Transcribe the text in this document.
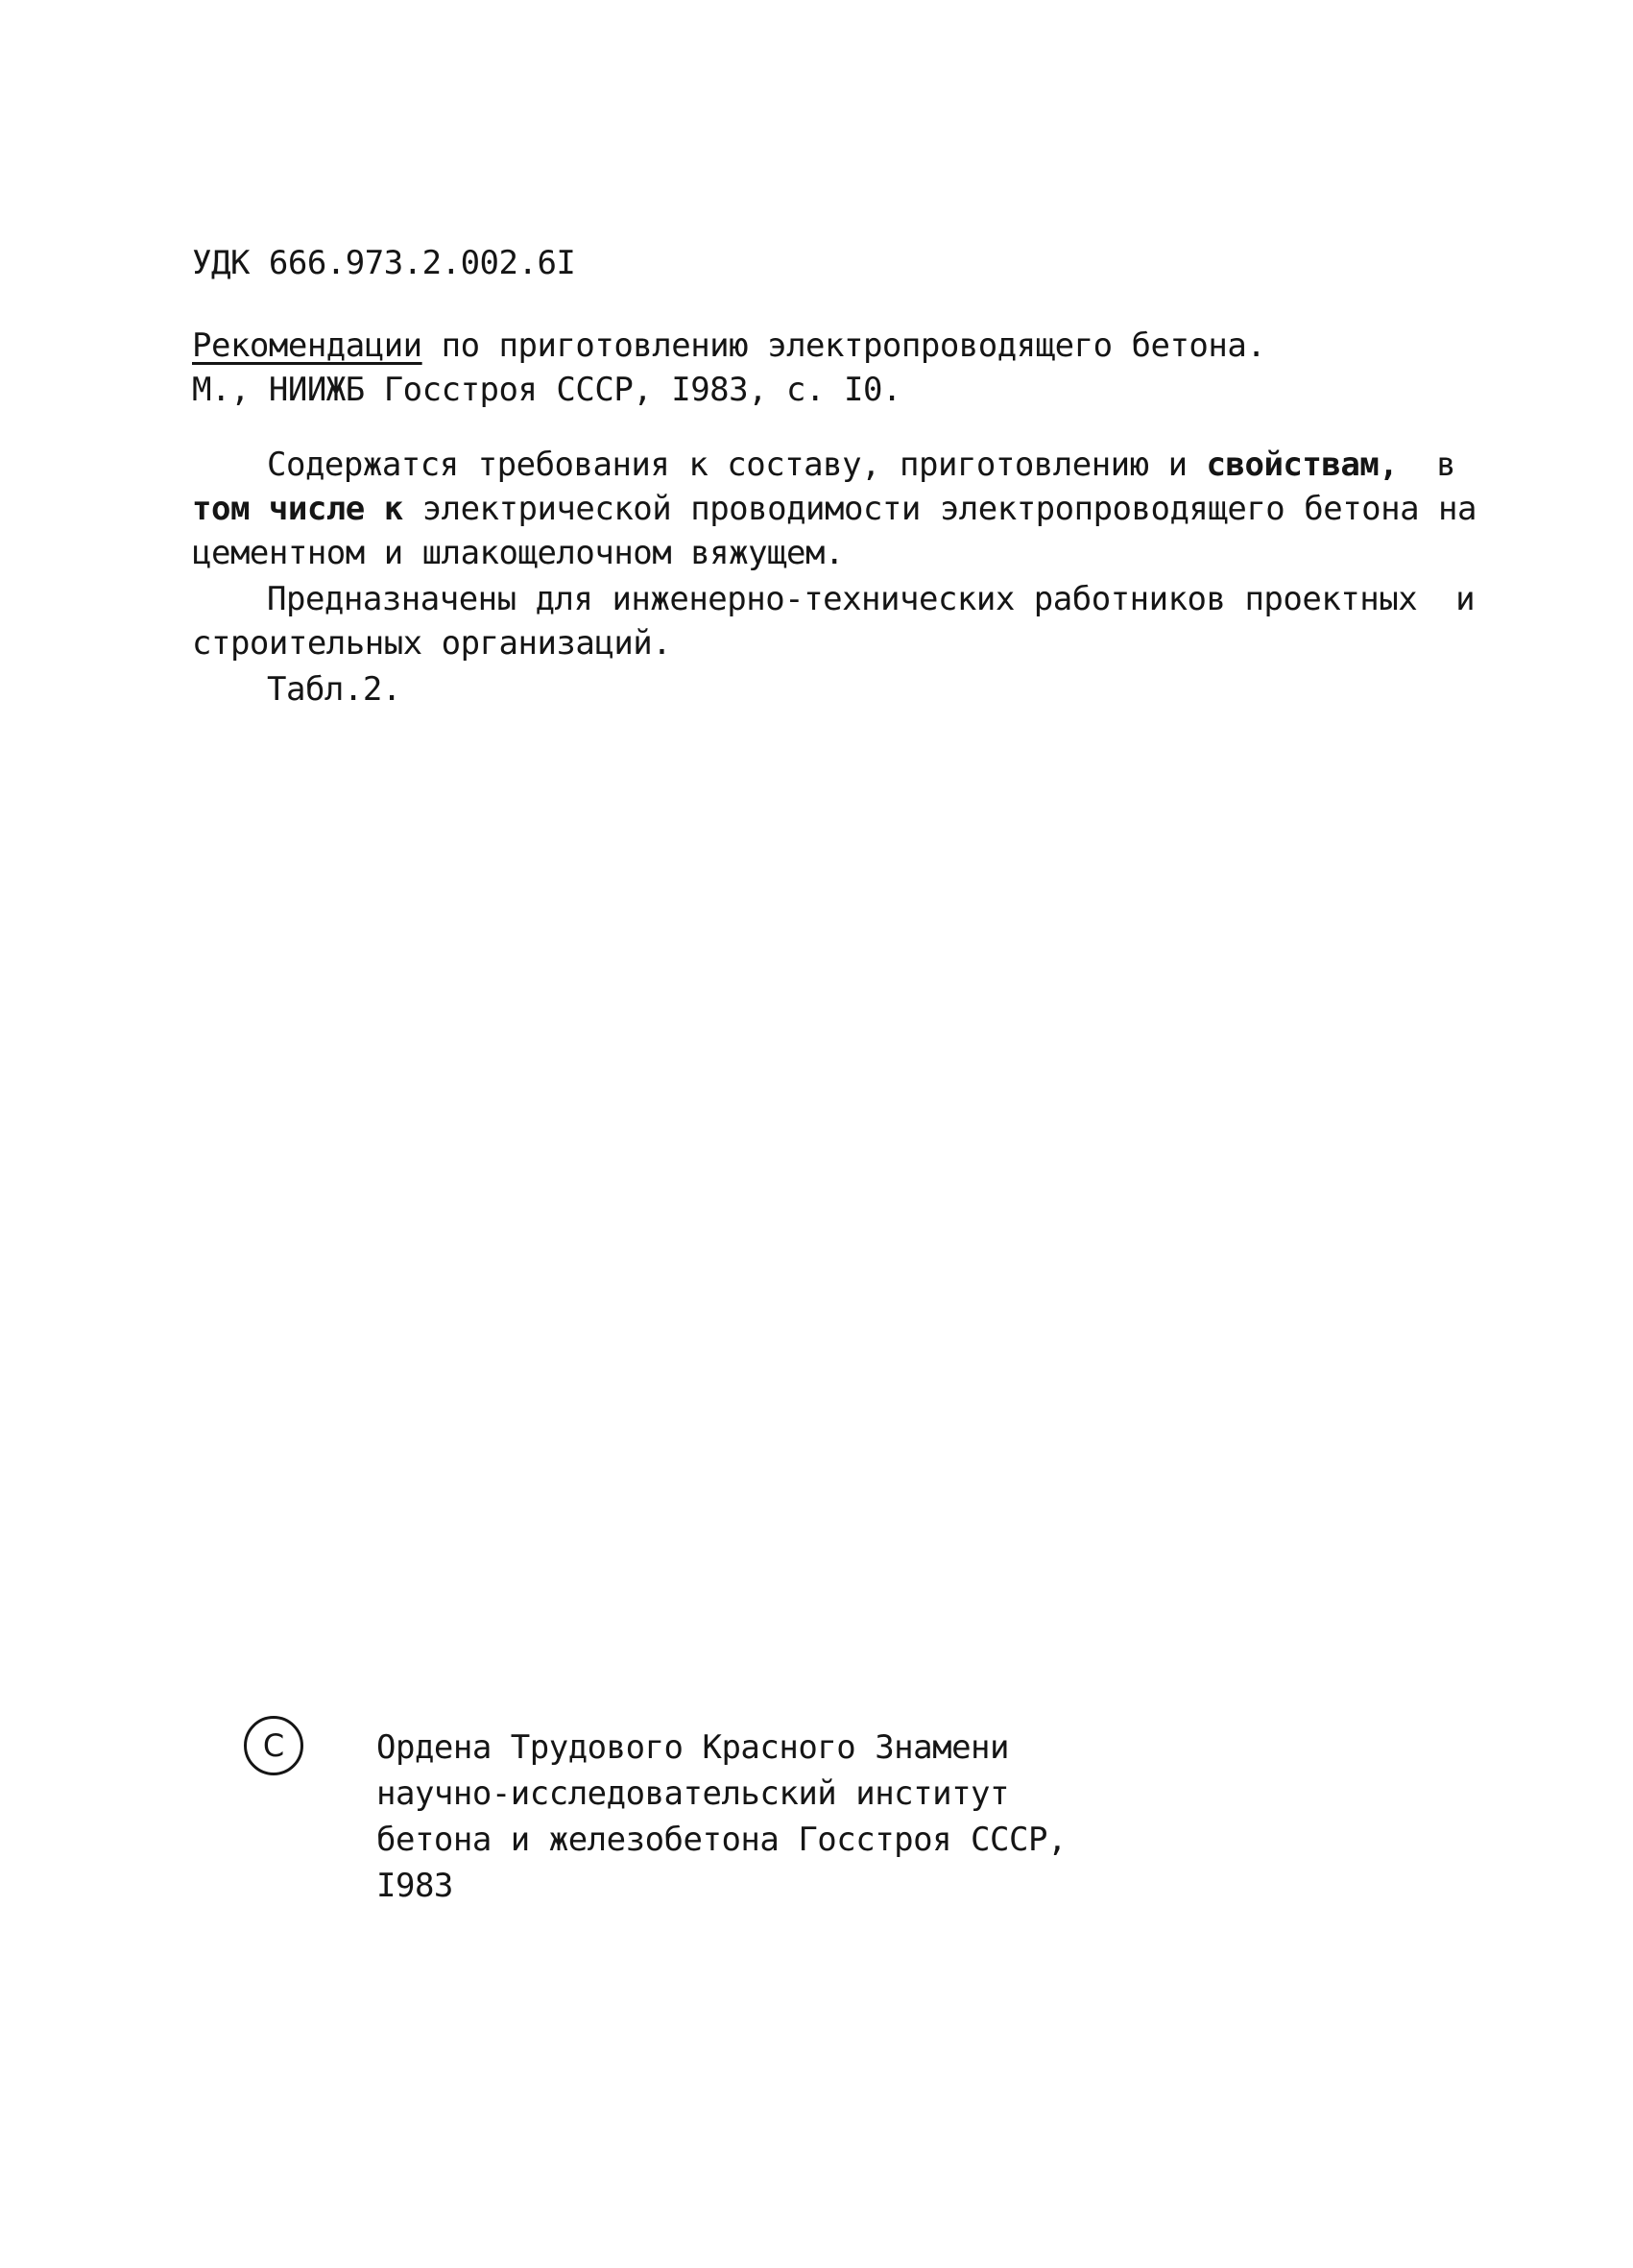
УДК 666.973.2.002.6I
Рекомендации по приготовлению электропроводящего бетона.
М., НИИЖБ Госстроя СССР, I983, с. I0.
Содержатся требования к составу, приготовлению и свойствам,  в
том числе к электрической проводимости электропроводящего бетона на
цементном и шлакощелочном вяжущем.
Предназначены для инженерно-технических работников проектных  и
строительных организаций.
Табл.2.
C	Ордена Трудового Красного Знамени
научно-исследовательский институт
бетона и железобетона Госстроя СССР,
I983
